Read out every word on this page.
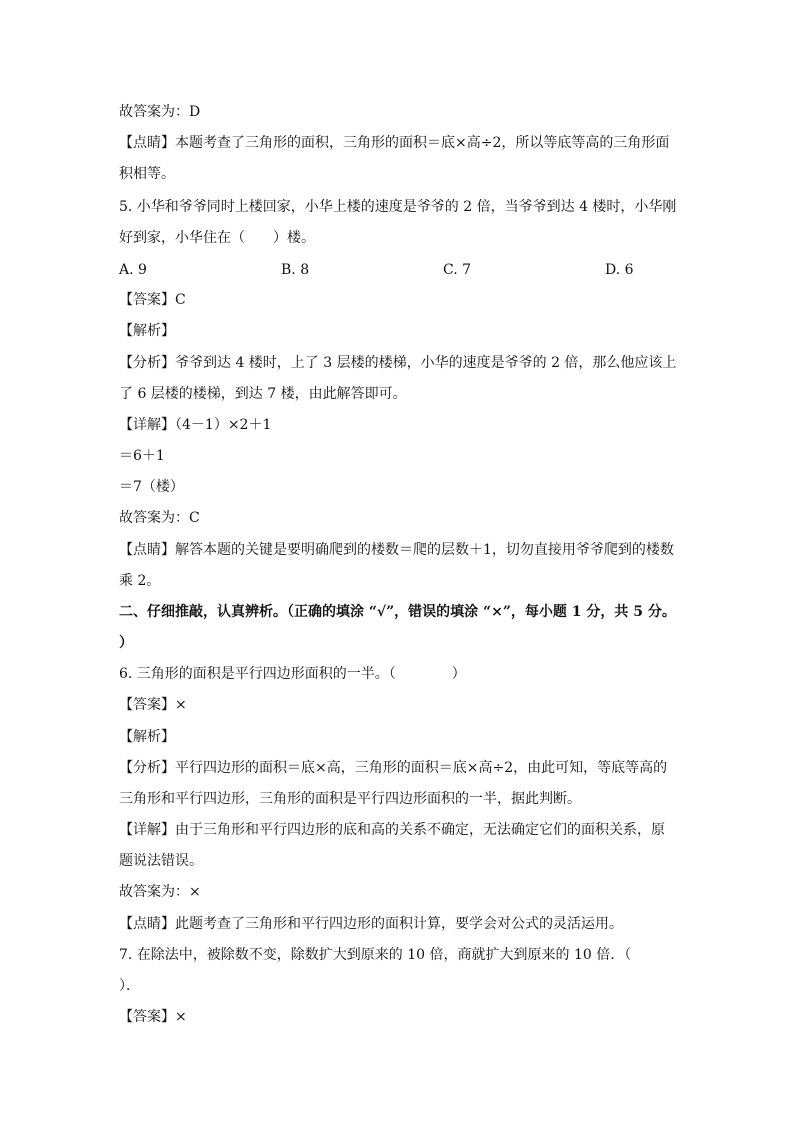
故答案为：D
【点睛】本题考查了三角形的面积，三角形的面积＝底×高÷2，所以等底等高的三角形面
积相等。
5. 小华和爷爷同时上楼回家，小华上楼的速度是爷爷的 2 倍，当爷爷到达 4 楼时，小华刚
好到家，小华住在（　　）楼。
A. 9	B. 8	C. 7	D. 6
【答案】C
【解析】
【分析】爷爷到达 4 楼时，上了 3 层楼的楼梯，小华的速度是爷爷的 2 倍，那么他应该上
了 6 层楼的楼梯，到达 7 楼，由此解答即可。
【详解】（4－1）×2＋1
＝6＋1
＝7（楼）
故答案为：C
【点睛】解答本题的关键是要明确爬到的楼数＝爬的层数＋1，切勿直接用爷爷爬到的楼数
乘 2。
二、仔细推敲，认真辨析。（正确的填涂 “√”，错误的填涂 “×”，每小题 1 分，共 5 分。
）
6. 三角形的面积是平行四边形面积的一半。（　　　　）
【答案】×
【解析】
【分析】平行四边形的面积＝底×高，三角形的面积＝底×高÷2，由此可知，等底等高的
三角形和平行四边形，三角形的面积是平行四边形面积的一半，据此判断。
【详解】由于三角形和平行四边形的底和高的关系不确定，无法确定它们的面积关系，原
题说法错误。
故答案为：×
【点睛】此题考查了三角形和平行四边形的面积计算，要学会对公式的灵活运用。
7. 在除法中，被除数不变，除数扩大到原来的 10 倍，商就扩大到原来的 10 倍．（
）．
【答案】×
